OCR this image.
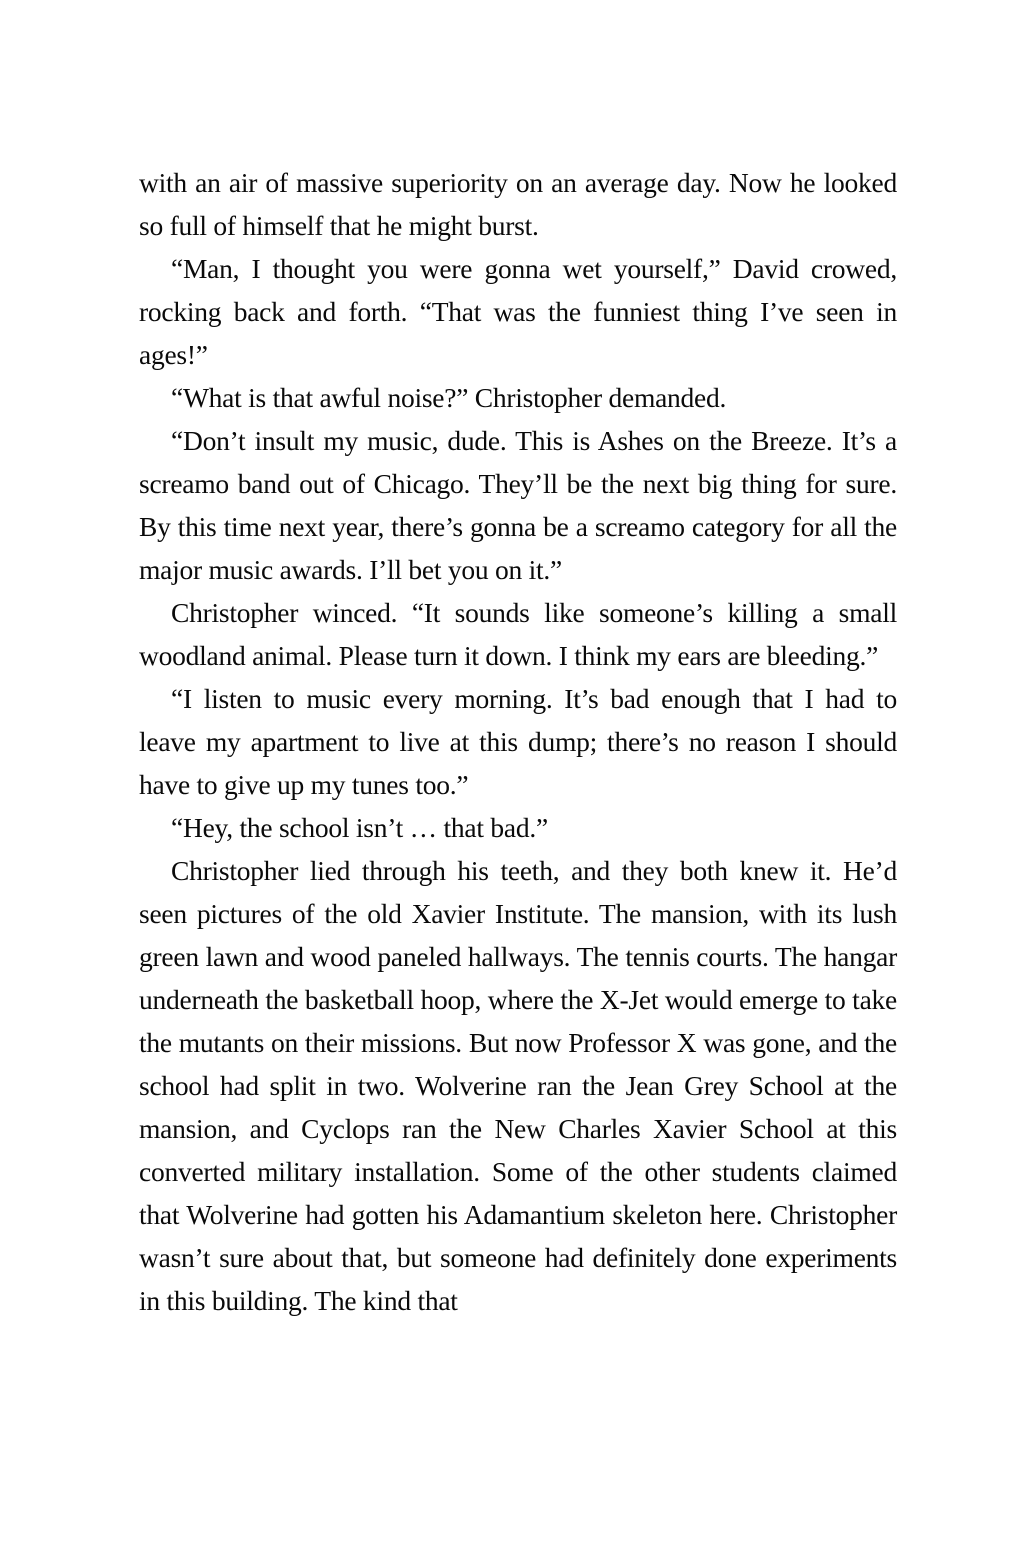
with an air of massive superiority on an average day. Now he looked so full of himself that he might burst.

“Man, I thought you were gonna wet yourself,” David crowed, rocking back and forth. “That was the funniest thing I’ve seen in ages!”

“What is that awful noise?” Christopher demanded.

“Don’t insult my music, dude. This is Ashes on the Breeze. It’s a screamo band out of Chicago. They’ll be the next big thing for sure. By this time next year, there’s gonna be a screamo category for all the major music awards. I’ll bet you on it.”

Christopher winced. “It sounds like someone’s killing a small woodland animal. Please turn it down. I think my ears are bleeding.”

“I listen to music every morning. It’s bad enough that I had to leave my apartment to live at this dump; there’s no reason I should have to give up my tunes too.”

“Hey, the school isn’t … that bad.”

Christopher lied through his teeth, and they both knew it. He’d seen pictures of the old Xavier Institute. The mansion, with its lush green lawn and wood paneled hallways. The tennis courts. The hangar underneath the basketball hoop, where the X-Jet would emerge to take the mutants on their missions. But now Professor X was gone, and the school had split in two. Wolverine ran the Jean Grey School at the mansion, and Cyclops ran the New Charles Xavier School at this converted military installation. Some of the other students claimed that Wolverine had gotten his Adamantium skeleton here. Christopher wasn’t sure about that, but someone had definitely done experiments in this building. The kind that
